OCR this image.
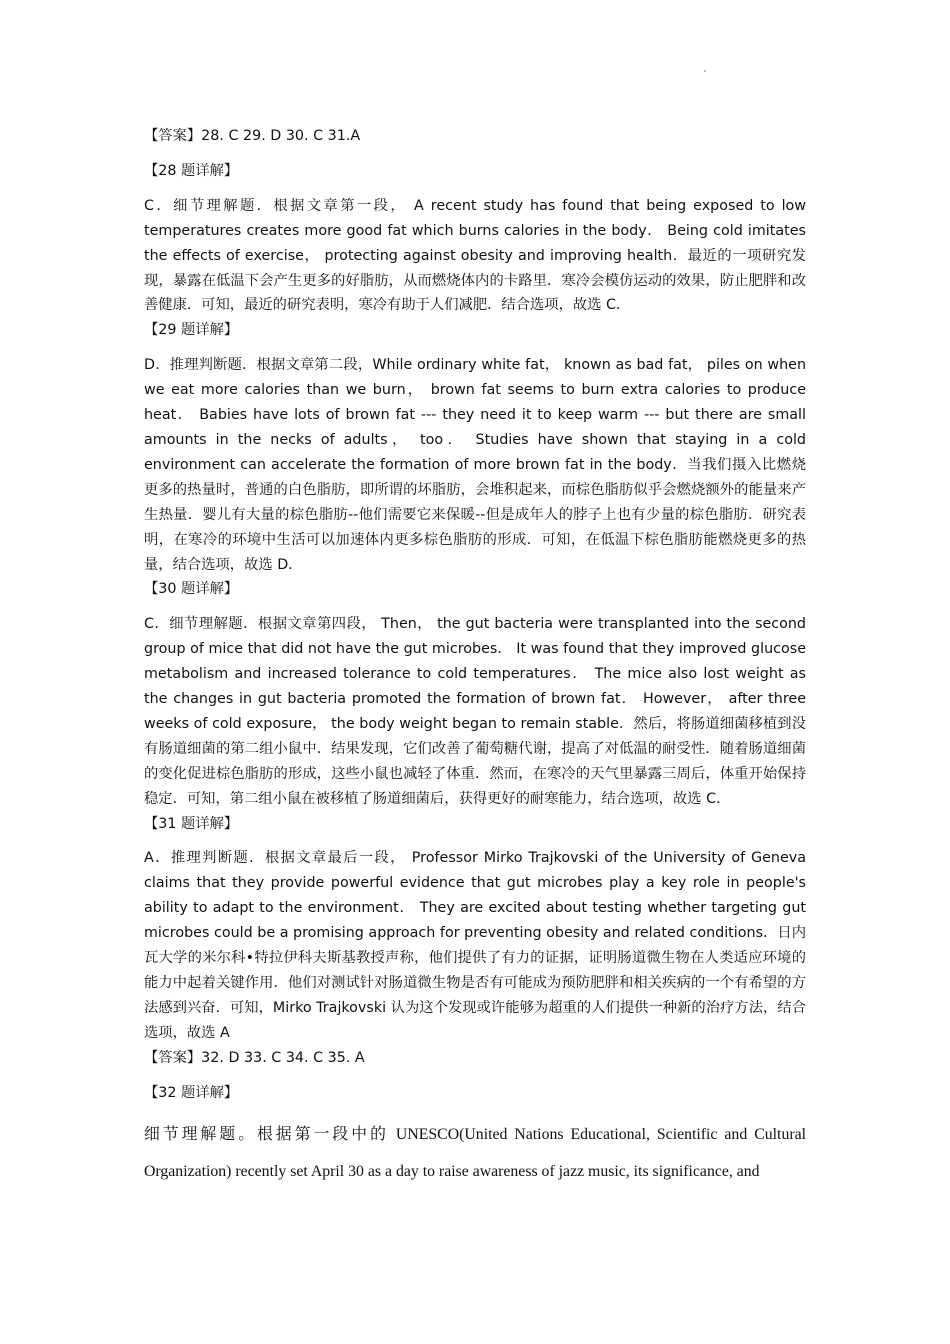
【答案】28. C 29. D 30. C 31.A

【28 题详解】

C．细节理解题．根据文章第一段， A recent study has found that being exposed to low temperatures creates more good fat which burns calories in the body． Being cold imitates the effects of exercise， protecting against obesity and improving health．最近的一项研究发现，暴露在低温下会产生更多的好脂肪，从而燃烧体内的卡路里．寒冷会模仿运动的效果，防止肥胖和改善健康．可知，最近的研究表明，寒冷有助于人们减肥．结合选项，故选 C．

【29 题详解】

D．推理判断题．根据文章第二段，While ordinary white fat， known as bad fat， piles on when we eat more calories than we burn， brown fat seems to burn extra calories to produce heat． Babies have lots of brown fat --- they need it to keep warm --- but there are small amounts in the necks of adults， too． Studies have shown that staying in a cold environment can accelerate the formation of more brown fat in the body．当我们摄入比燃烧更多的热量时，普通的白色脂肪，即所谓的坏脂肪，会堆积起来，而棕色脂肪似乎会燃烧额外的能量来产生热量．婴儿有大量的棕色脂肪--他们需要它来保暖--但是成年人的脖子上也有少量的棕色脂肪．研究表明，在寒冷的环境中生活可以加速体内更多棕色脂肪的形成．可知，在低温下棕色脂肪能燃烧更多的热量，结合选项，故选 D．

【30 题详解】

C．细节理解题．根据文章第四段， Then， the gut bacteria were transplanted into the second group of mice that did not have the gut microbes． It was found that they improved glucose metabolism and increased tolerance to cold temperatures． The mice also lost weight as the changes in gut bacteria promoted the formation of brown fat． However， after three weeks of cold exposure， the body weight began to remain stable．然后，将肠道细菌移植到没有肠道细菌的第二组小鼠中．结果发现，它们改善了葡萄糖代谢，提高了对低温的耐受性．随着肠道细菌的变化促进棕色脂肪的形成，这些小鼠也减轻了体重．然而，在寒冷的天气里暴露三周后，体重开始保持稳定．可知，第二组小鼠在被移植了肠道细菌后，获得更好的耐寒能力，结合选项，故选 C．

【31 题详解】

A．推理判断题．根据文章最后一段， Professor Mirko Trajkovski of the University of Geneva claims that they provide powerful evidence that gut microbes play a key role in people's ability to adapt to the environment． They are excited about testing whether targeting gut microbes could be a promising approach for preventing obesity and related conditions．日内瓦大学的米尔科•特拉伊科夫斯基教授声称，他们提供了有力的证据，证明肠道微生物在人类适应环境的能力中起着关键作用．他们对测试针对肠道微生物是否有可能成为预防肥胖和相关疾病的一个有希望的方法感到兴奋．可知，Mirko Trajkovski 认为这个发现或许能够为超重的人们提供一种新的治疗方法，结合选项，故选 A

【答案】32. D 33. C 34. C 35. A

【32 题详解】

细节理解题。根据第一段中的 UNESCO(United Nations Educational, Scientific and Cultural Organization) recently set April 30 as a day to raise awareness of jazz music, its significance, and
